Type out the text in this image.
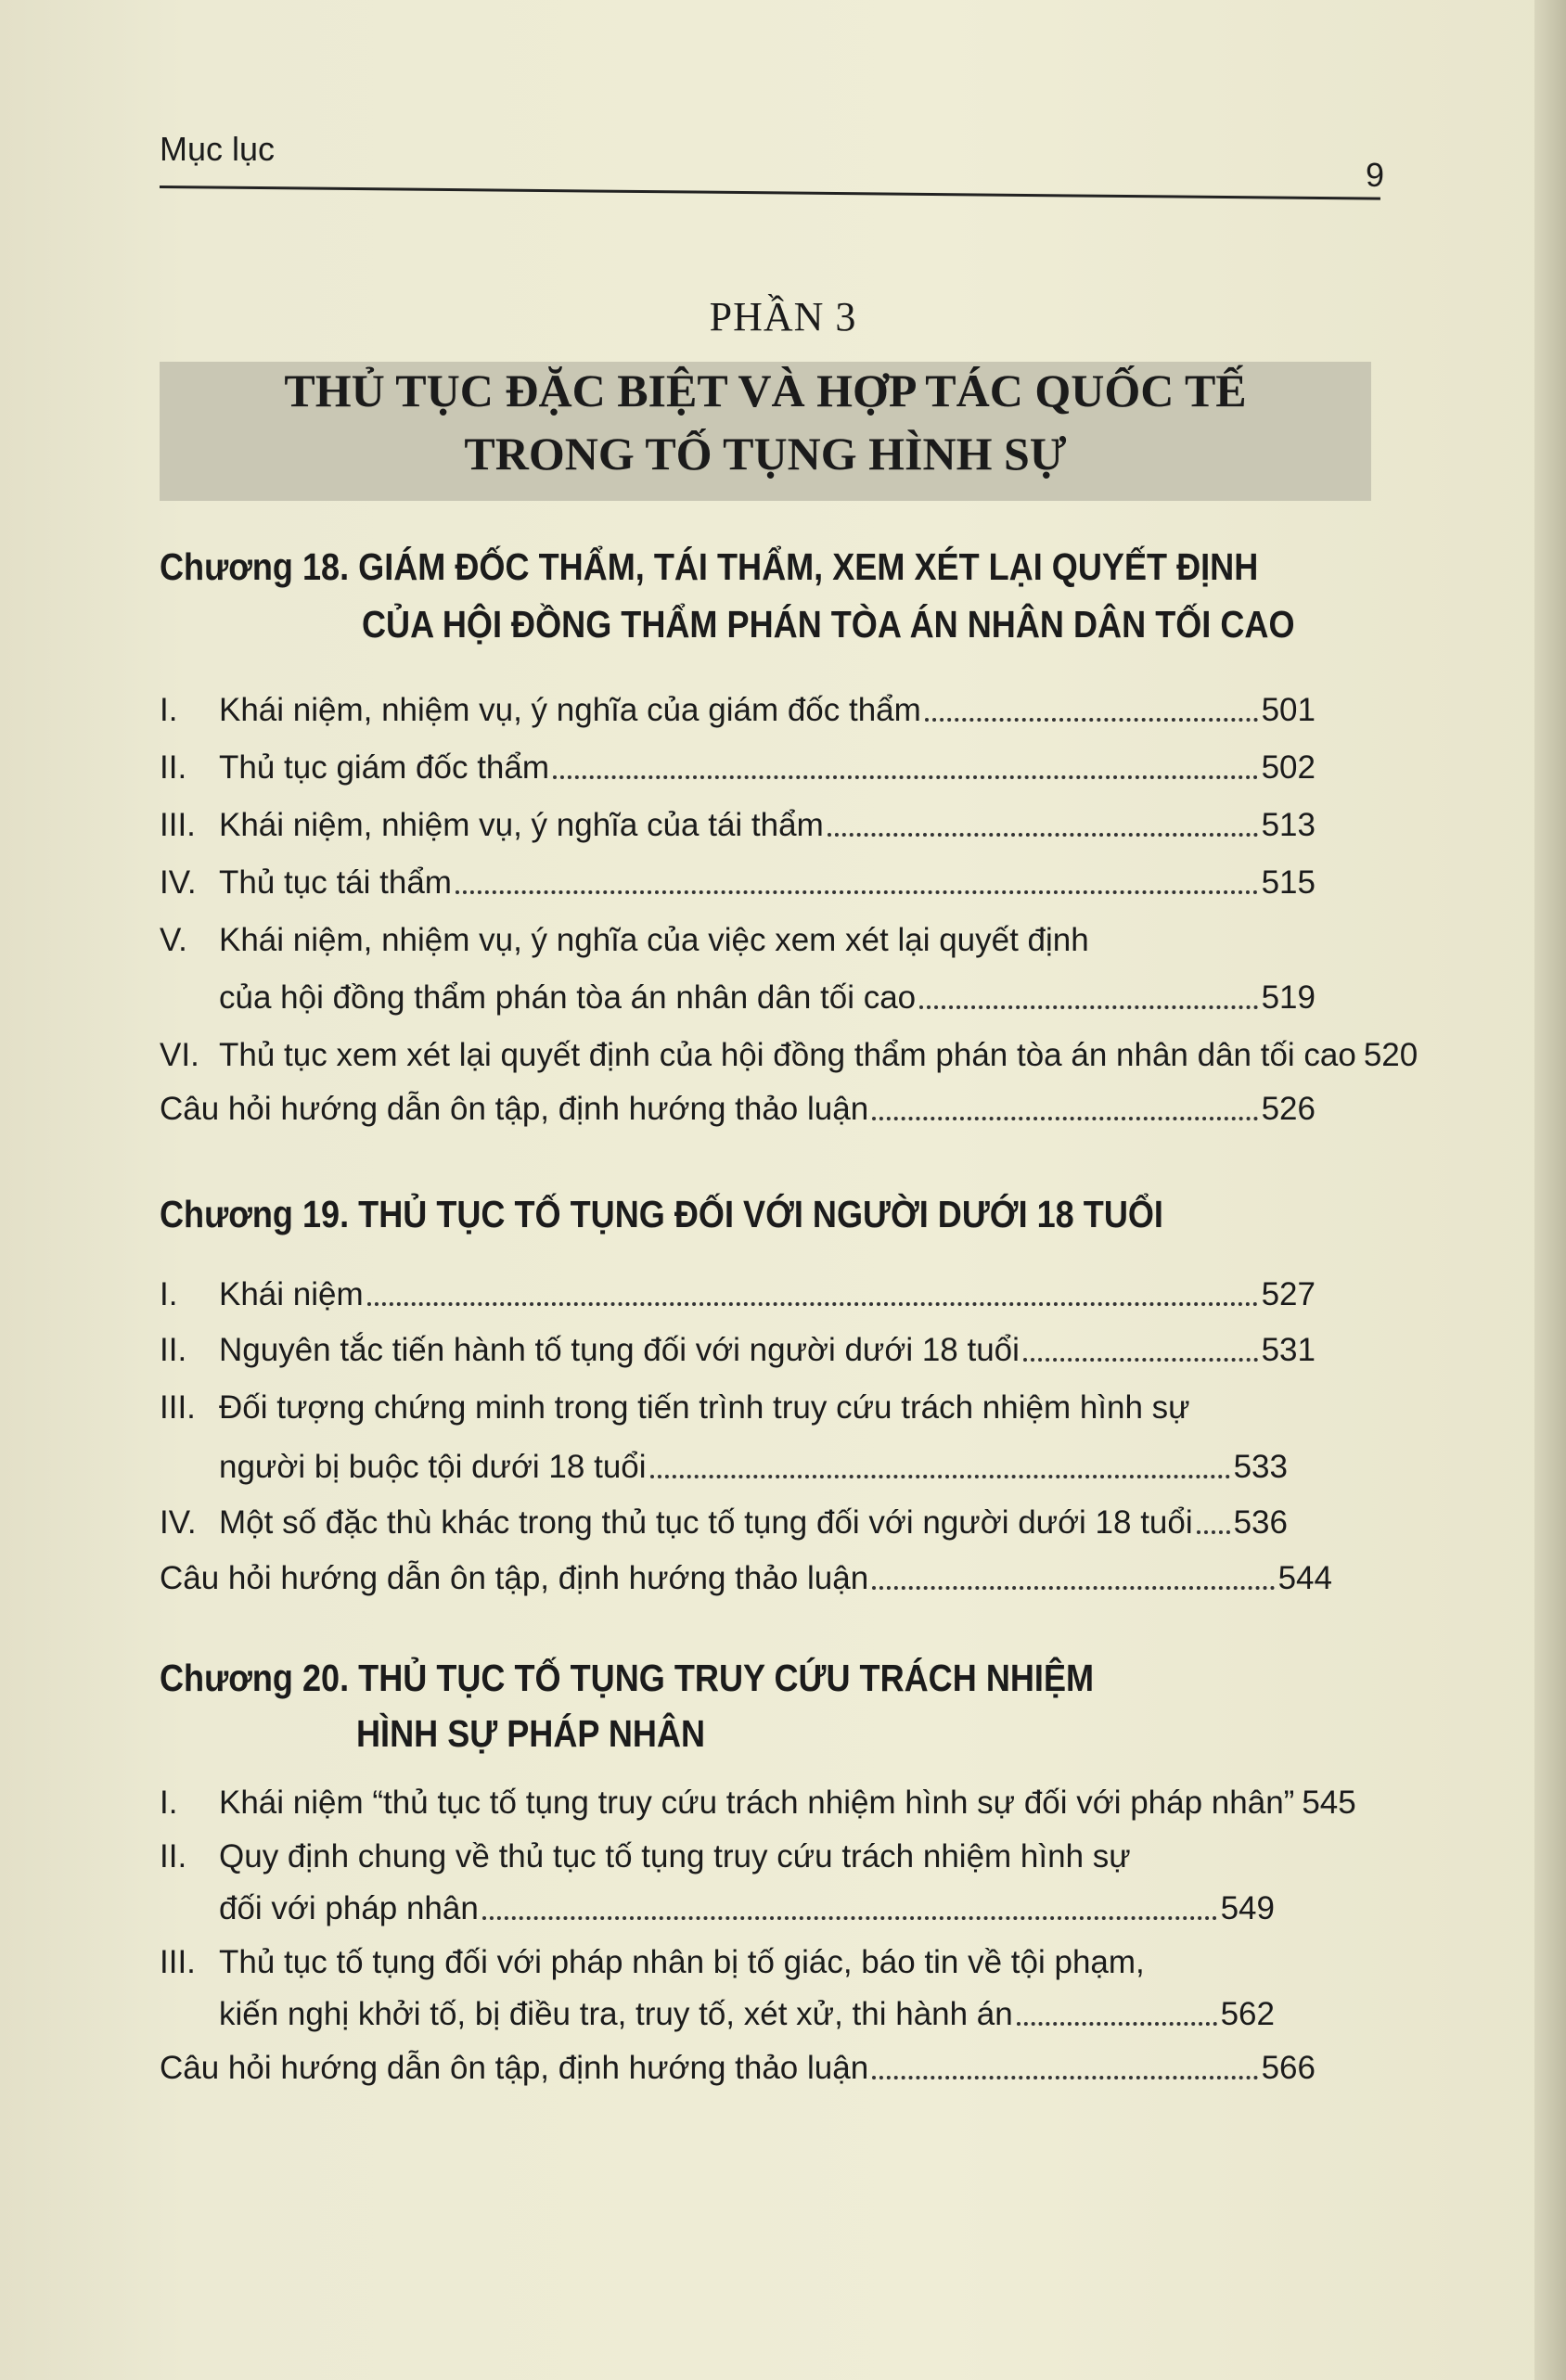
Mục lục
9
PHẦN 3
THỦ TỤC ĐẶC BIỆT VÀ HỢP TÁC QUỐC TẾ
TRONG TỐ TỤNG HÌNH SỰ
Chương 18. GIÁM ĐỐC THẨM, TÁI THẨM, XEM XÉT LẠI QUYẾT ĐỊNH
CỦA HỘI ĐỒNG THẨM PHÁN TÒA ÁN NHÂN DÂN TỐI CAO
I.	Khái niệm, nhiệm vụ, ý nghĩa của giám đốc thẩm	501
II. Thủ tục giám đốc thẩm	502
III. Khái niệm, nhiệm vụ, ý nghĩa của tái thẩm	513
IV. Thủ tục tái thẩm	515
V. Khái niệm, nhiệm vụ, ý nghĩa của việc xem xét lại quyết định
của hội đồng thẩm phán tòa án nhân dân tối cao	519
VI. Thủ tục xem xét lại quyết định của hội đồng thẩm phán tòa án nhân dân tối cao 520
Câu hỏi hướng dẫn ôn tập, định hướng thảo luận	526
Chương 19. THỦ TỤC TỐ TỤNG ĐỐI VỚI NGƯỜI DƯỚI 18 TUỔI
I.	Khái niệm	527
II. Nguyên tắc tiến hành tố tụng đối với người dưới 18 tuổi	531
III. Đối tượng chứng minh trong tiến trình truy cứu trách nhiệm hình sự
người bị buộc tội dưới 18 tuổi	533
IV. Một số đặc thù khác trong thủ tục tố tụng đối với người dưới 18 tuổi 536
Câu hỏi hướng dẫn ôn tập, định hướng thảo luận	544
Chương 20. THỦ TỤC TỐ TỤNG TRUY CỨU TRÁCH NHIỆM
HÌNH SỰ PHÁP NHÂN
I.	Khái niệm “thủ tục tố tụng truy cứu trách nhiệm hình sự đối với pháp nhân” 545
II. Quy định chung về thủ tục tố tụng truy cứu trách nhiệm hình sự
đối với pháp nhân	549
III. Thủ tục tố tụng đối với pháp nhân bị tố giác, báo tin về tội phạm,
kiến nghị khởi tố, bị điều tra, truy tố, xét xử, thi hành án	562
Câu hỏi hướng dẫn ôn tập, định hướng thảo luận	566
